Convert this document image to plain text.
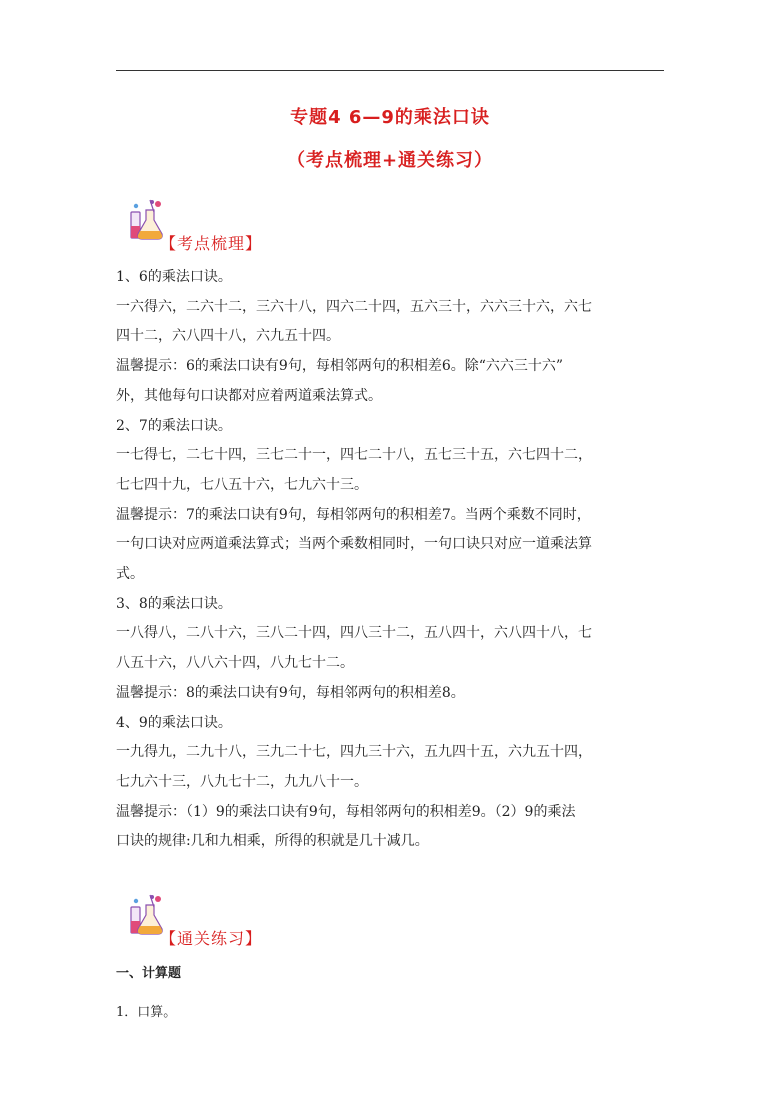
专题4 6—9的乘法口诀
（考点梳理+通关练习）
【考点梳理】

1、6的乘法口诀。

一六得六，二六十二，三六十八，四六二十四，五六三十，六六三十六，六七

四十二，六八四十八，六九五十四。

温馨提示：6的乘法口诀有9句，每相邻两句的积相差6。除“六六三十六”

外，其他每句口诀都对应着两道乘法算式。

2、7的乘法口诀。

一七得七，二七十四，三七二十一，四七二十八，五七三十五，六七四十二，

七七四十九，七八五十六，七九六十三。

温馨提示：7的乘法口诀有9句，每相邻两句的积相差7。当两个乘数不同时，

一句口诀对应两道乘法算式；当两个乘数相同时，一句口诀只对应一道乘法算

式。

3、8的乘法口诀。

一八得八，二八十六，三八二十四，四八三十二，五八四十，六八四十八，七

八五十六，八八六十四，八九七十二。

温馨提示：8的乘法口诀有9句，每相邻两句的积相差8。

4、9的乘法口诀。

一九得九，二九十八，三九二十七，四九三十六，五九四十五，六九五十四，

七九六十三，八九七十二，九九八十一。

温馨提示：（1）9的乘法口诀有9句，每相邻两句的积相差9。（2）9的乘法

口诀的规律:几和九相乘，所得的积就是几十减几。

【通关练习】

一、计算题

1．口算。
